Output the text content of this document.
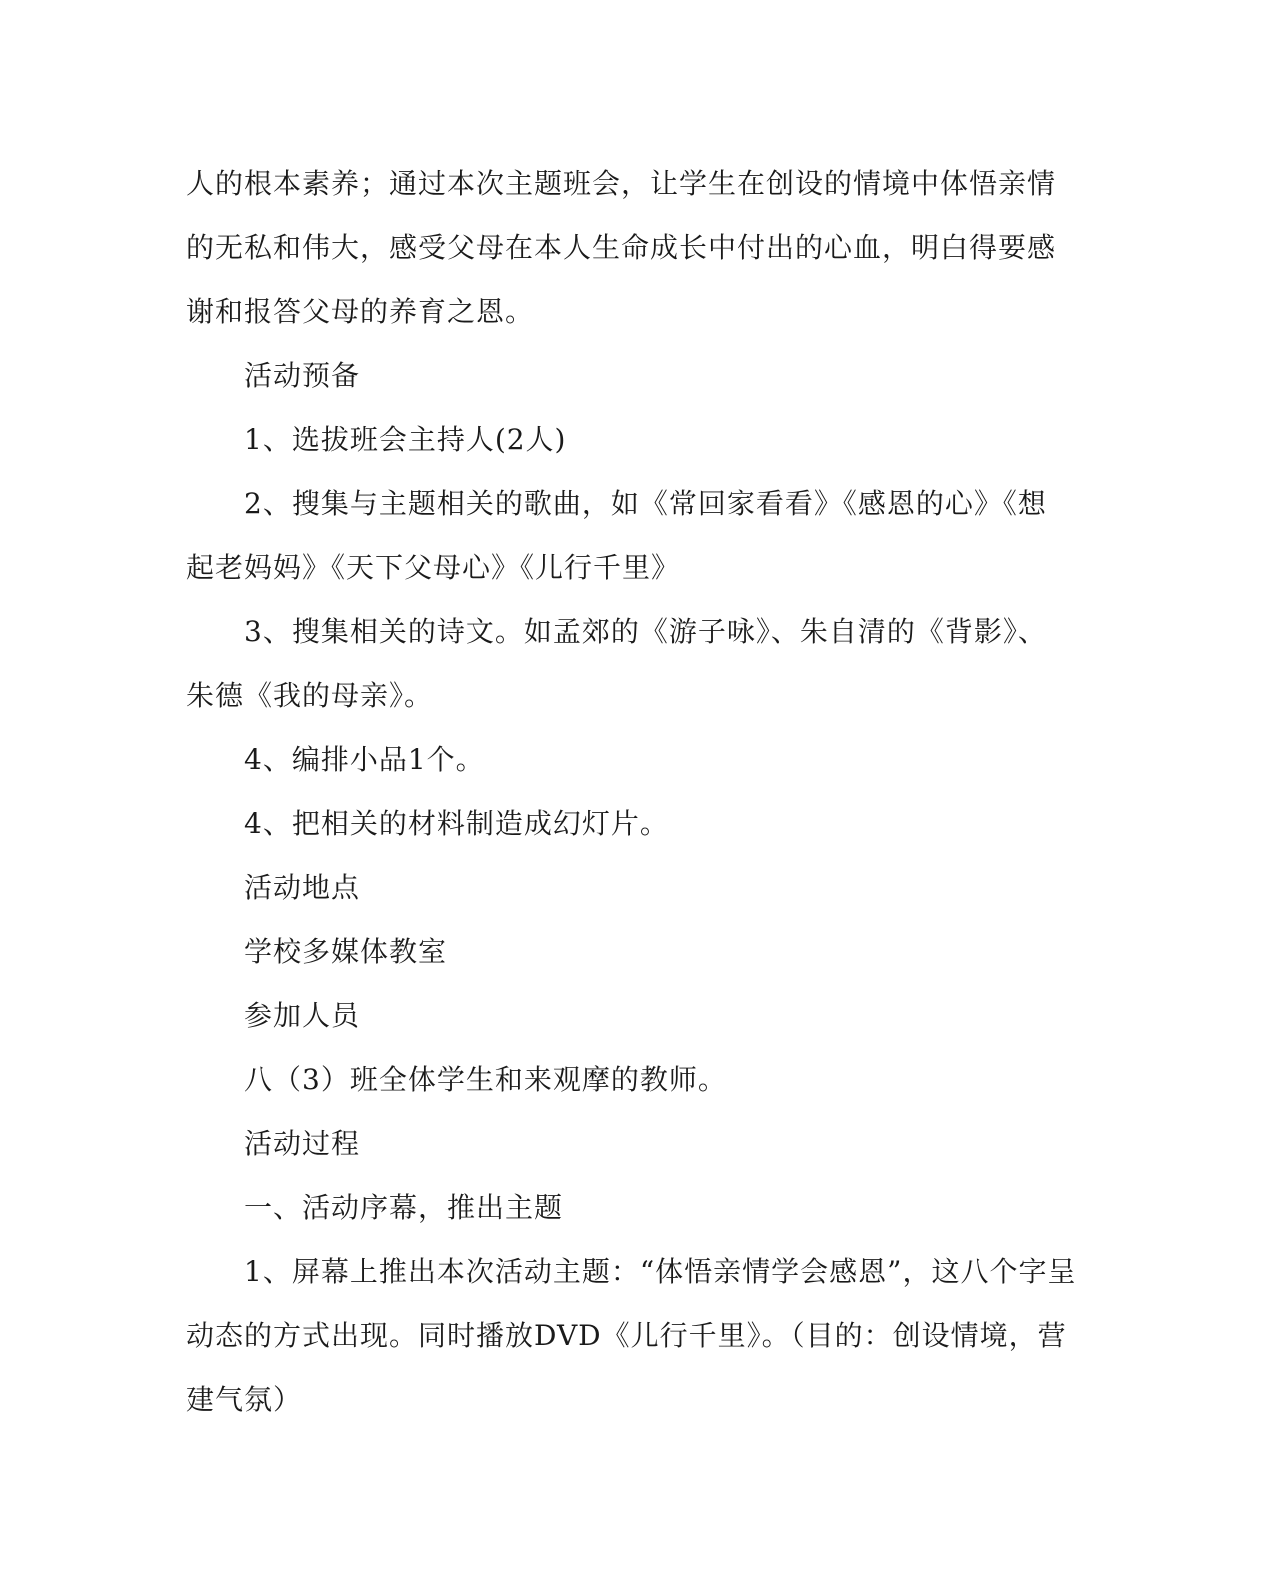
人的根本素养；通过本次主题班会，让学生在创设的情境中体悟亲情
的无私和伟大，感受父母在本人生命成长中付出的心血，明白得要感
谢和报答父母的养育之恩。
活动预备
1、选拔班会主持人(2人)
2、搜集与主题相关的歌曲，如《常回家看看》《感恩的心》《想
起老妈妈》《天下父母心》《儿行千里》
3、搜集相关的诗文。如孟郊的《游子咏》、朱自清的《背影》、
朱德《我的母亲》。
4、编排小品1个。
4、把相关的材料制造成幻灯片。
活动地点
学校多媒体教室
参加人员
八（3）班全体学生和来观摩的教师。
活动过程
一、活动序幕，推出主题
1、屏幕上推出本次活动主题：“体悟亲情学会感恩”，这八个字呈
动态的方式出现。同时播放DVD《儿行千里》。（目的：创设情境，营
建气氛）
